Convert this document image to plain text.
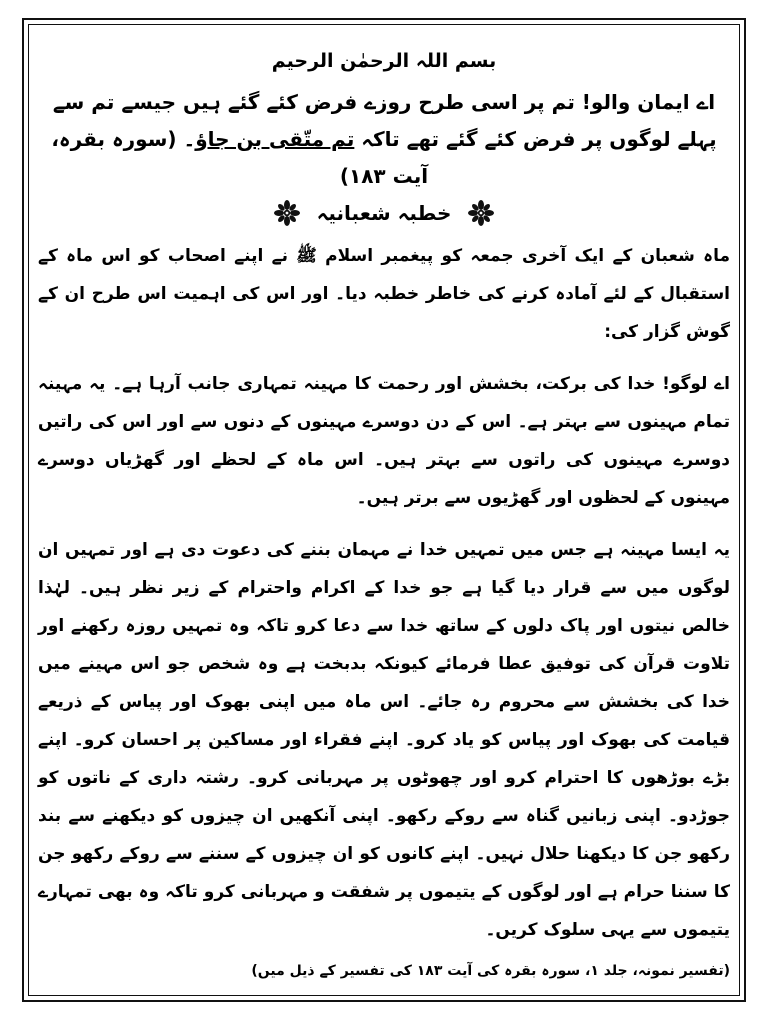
بسم اللہ الرحمٰن الرحیم
اے ایمان والو! تم پر اسی طرح روزے فرض کئے گئے ہیں جیسے تم سے پہلے لوگوں پر فرض کئے گئے تھے تاکہ تم متّقی بن جاؤ۔ (سورہ بقرہ، آیت ۱۸۳)
خطبہ شعبانیہ

ماہ شعبان کے ایک آخری جمعہ کو پیغمبر اسلام ﷺ نے اپنے اصحاب کو اس ماہ کے استقبال کے لئے آمادہ کرنے کی خاطر خطبہ دیا۔ اور اس کی اہمیت اس طرح ان کے گوش گزار کی:

اے لوگو! خدا کی برکت، بخشش اور رحمت کا مہینہ تمہاری جانب آرہا ہے۔ یہ مہینہ تمام مہینوں سے بہتر ہے۔ اس کے دن دوسرے مہینوں کے دنوں سے اور اس کی راتیں دوسرے مہینوں کی راتوں سے بہتر ہیں۔ اس ماہ کے لحظے اور گھڑیاں دوسرے مہینوں کے لحظوں اور گھڑیوں سے برتر ہیں۔

یہ ایسا مہینہ ہے جس میں تمہیں خدا نے مہمان بننے کی دعوت دی ہے اور تمہیں ان لوگوں میں سے قرار دیا گیا ہے جو خدا کے اکرام واحترام کے زیر نظر ہیں۔ لہٰذا خالص نیتوں اور پاک دلوں کے ساتھ خدا سے دعا کرو تاکہ وہ تمہیں روزہ رکھنے اور تلاوت قرآن کی توفیق عطا فرمائے کیونکہ بدبخت ہے وہ شخص جو اس مہینے میں خدا کی بخشش سے محروم رہ جائے۔ اس ماہ میں اپنی بھوک اور پیاس کے ذریعے قیامت کی بھوک اور پیاس کو یاد کرو۔ اپنے فقراء اور مساکین پر احسان کرو۔ اپنے بڑے بوڑھوں کا احترام کرو اور چھوٹوں پر مہربانی کرو۔ رشتہ داری کے ناتوں کو جوڑدو۔ اپنی زبانیں گناہ سے روکے رکھو۔ اپنی آنکھیں ان چیزوں کو دیکھنے سے بند رکھو جن کا دیکھنا حلال نہیں۔ اپنے کانوں کو ان چیزوں کے سننے سے روکے رکھو جن کا سننا حرام ہے اور لوگوں کے یتیموں پر شفقت و مہربانی کرو تاکہ وہ بھی تمہارے یتیموں سے یہی سلوک کریں۔

(تفسیر نمونہ، جلد ۱، سورہ بقرہ کی آیت ۱۸۳ کی تفسیر کے ذیل میں)
